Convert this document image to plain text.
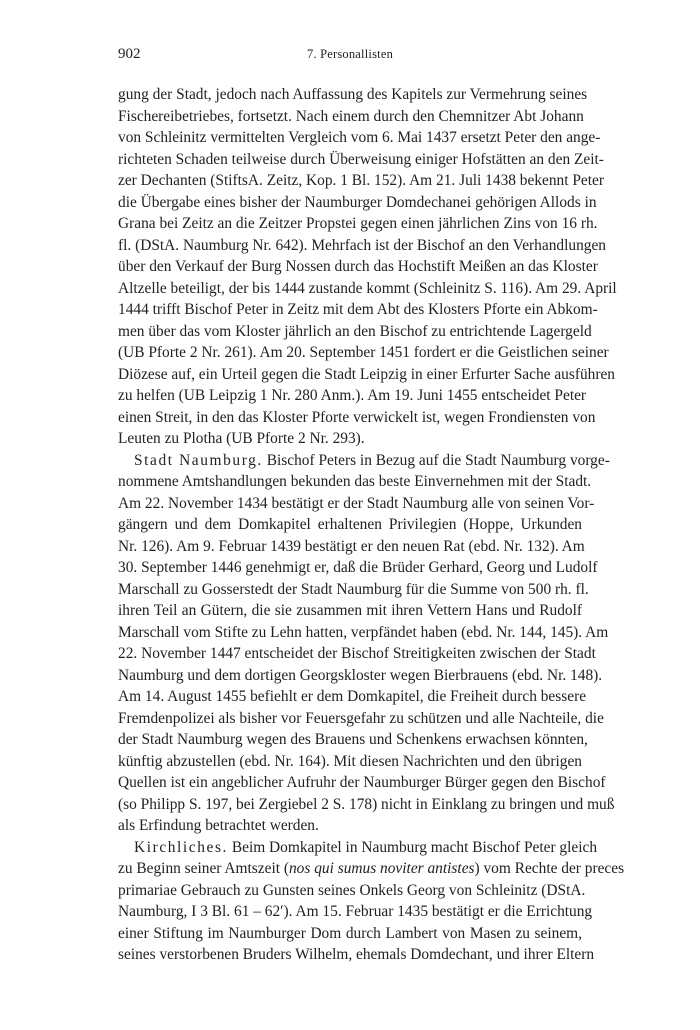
902	7. Personallisten
gung der Stadt, jedoch nach Auffassung des Kapitels zur Vermehrung seines
Fischereibetriebes, fortsetzt. Nach einem durch den Chemnitzer Abt Johann
von Schleinitz vermittelten Vergleich vom 6. Mai 1437 ersetzt Peter den ange-
richteten Schaden teilweise durch Überweisung einiger Hofstätten an den Zeit-
zer Dechanten (StiftsA. Zeitz, Kop. 1 Bl. 152). Am 21. Juli 1438 bekennt Peter
die Übergabe eines bisher der Naumburger Domdechanei gehörigen Allods in
Grana bei Zeitz an die Zeitzer Propstei gegen einen jährlichen Zins von 16 rh.
fl. (DStA. Naumburg Nr. 642). Mehrfach ist der Bischof an den Verhandlungen
über den Verkauf der Burg Nossen durch das Hochstift Meißen an das Kloster
Altzelle beteiligt, der bis 1444 zustande kommt (Schleinitz S. 116). Am 29. April
1444 trifft Bischof Peter in Zeitz mit dem Abt des Klosters Pforte ein Abkom-
men über das vom Kloster jährlich an den Bischof zu entrichtende Lagergeld
(UB Pforte 2 Nr. 261). Am 20. September 1451 fordert er die Geistlichen seiner
Diözese auf, ein Urteil gegen die Stadt Leipzig in einer Erfurter Sache ausführen
zu helfen (UB Leipzig 1 Nr. 280 Anm.). Am 19. Juni 1455 entscheidet Peter
einen Streit, in den das Kloster Pforte verwickelt ist, wegen Frondiensten von
Leuten zu Plotha (UB Pforte 2 Nr. 293).
Stadt Naumburg. Bischof Peters in Bezug auf die Stadt Naumburg vorge-
nommene Amtshandlungen bekunden das beste Einvernehmen mit der Stadt.
Am 22. November 1434 bestätigt er der Stadt Naumburg alle von seinen Vor-
gängern und dem Domkapitel erhaltenen Privilegien (Hoppe, Urkunden
Nr. 126). Am 9. Februar 1439 bestätigt er den neuen Rat (ebd. Nr. 132). Am
30. September 1446 genehmigt er, daß die Brüder Gerhard, Georg und Ludolf
Marschall zu Gosserstedt der Stadt Naumburg für die Summe von 500 rh. fl.
ihren Teil an Gütern, die sie zusammen mit ihren Vettern Hans und Rudolf
Marschall vom Stifte zu Lehn hatten, verpfändet haben (ebd. Nr. 144, 145). Am
22. November 1447 entscheidet der Bischof Streitigkeiten zwischen der Stadt
Naumburg und dem dortigen Georgskloster wegen Bierbrauens (ebd. Nr. 148).
Am 14. August 1455 befiehlt er dem Domkapitel, die Freiheit durch bessere
Fremdenpolizei als bisher vor Feuersgefahr zu schützen und alle Nachteile, die
der Stadt Naumburg wegen des Brauens und Schenkens erwachsen könnten,
künftig abzustellen (ebd. Nr. 164). Mit diesen Nachrichten und den übrigen
Quellen ist ein angeblicher Aufruhr der Naumburger Bürger gegen den Bischof
(so Philipp S. 197, bei Zergiebel 2 S. 178) nicht in Einklang zu bringen und muß
als Erfindung betrachtet werden.
Kirchliches. Beim Domkapitel in Naumburg macht Bischof Peter gleich
zu Beginn seiner Amtszeit (nos qui sumus noviter antistes) vom Rechte der preces
primariae Gebrauch zu Gunsten seines Onkels Georg von Schleinitz (DStA.
Naumburg, I 3 Bl. 61 – 62′). Am 15. Februar 1435 bestätigt er die Errichtung
einer Stiftung im Naumburger Dom durch Lambert von Masen zu seinem,
seines verstorbenen Bruders Wilhelm, ehemals Domdechant, und ihrer Eltern
